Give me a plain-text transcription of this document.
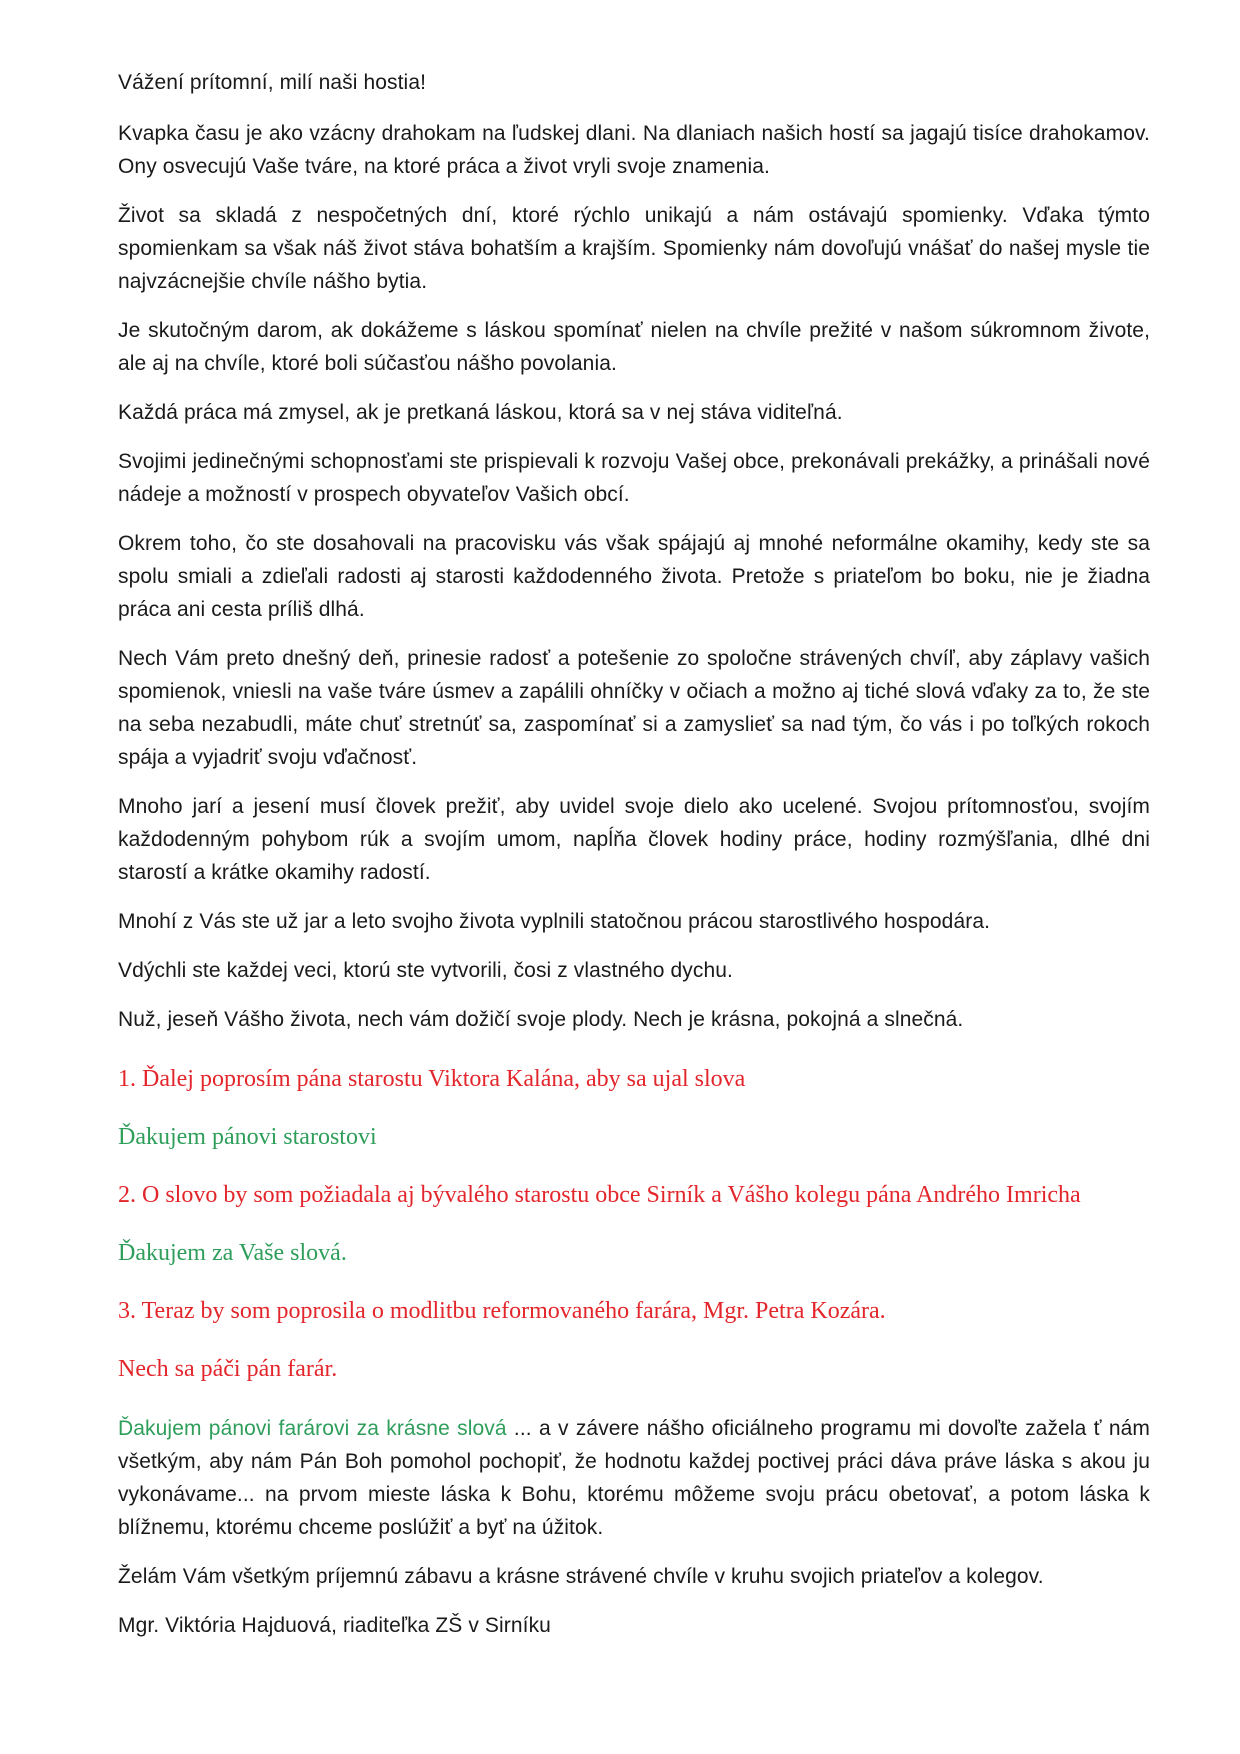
Vážení prítomní, milí naši hostia!

Kvapka času je ako vzácny drahokam na ľudskej dlani. Na dlaniach našich hostí sa jagajú tisíce drahokamov. Ony osvecujú Vaše tváre, na ktoré práca a život vryli svoje znamenia.

Život sa skladá z nespočetných dní, ktoré rýchlo unikajú a nám ostávajú spomienky. Vďaka týmto spomienkam sa však náš život stáva bohatším a krajším. Spomienky nám dovoľujú vnášať do našej mysle tie najvzácnejšie chvíle nášho bytia.

Je skutočným darom, ak dokážeme s láskou spomínať nielen na chvíle prežité v našom súkromnom živote, ale aj na chvíle, ktoré boli súčasťou nášho povolania.

Každá práca má zmysel, ak je pretkaná láskou, ktorá sa v nej stáva viditeľná.

Svojimi jedinečnými schopnosťami ste prispievali k rozvoju Vašej obce, prekonávali prekážky, a prinášali nové nádeje a možností v prospech obyvateľov Vašich obcí.

Okrem toho, čo ste dosahovali na pracovisku vás však spájajú aj mnohé neformálne okamihy, kedy ste sa spolu smiali a zdieľali radosti aj starosti každodenného života. Pretože s priateľom bo boku, nie je žiadna práca ani cesta príliš dlhá.

Nech Vám preto dnešný deň, prinesie radosť a potešenie zo spoločne strávených chvíľ, aby záplavy vašich spomienok, vniesli na vaše tváre úsmev a zapálili ohníčky v očiach a možno aj tiché slová vďaky za to, že ste na seba nezabudli, máte chuť stretnúť sa, zaspomínať si a zamyslieť sa nad tým, čo vás i po toľkých rokoch spája a vyjadriť svoju vďačnosť.

Mnoho jarí a jesení musí človek prežiť, aby uvidel svoje dielo ako ucelené. Svojou prítomnosťou, svojím každodenným pohybom rúk a svojím umom, napĺňa človek hodiny práce, hodiny rozmýšľania, dlhé dni starostí a krátke okamihy radostí.

Mnohí z Vás ste už jar a leto svojho života vyplnili statočnou prácou starostlivého hospodára.

Vdýchli ste každej veci, ktorú ste vytvorili, čosi z vlastného dychu.

Nuž, jeseň Vášho života, nech vám dožičí svoje plody. Nech je krásna, pokojná a slnečná.

1. Ďalej poprosím pána starostu Viktora Kalána, aby sa ujal slova

Ďakujem pánovi starostovi

2. O slovo by som požiadala aj bývalého starostu obce Sirník a Vášho kolegu pána Andrého Imricha

Ďakujem za Vaše slová.

3. Teraz by som poprosila o modlitbu reformovaného farára, Mgr. Petra Kozára.

Nech sa páči pán farár.

Ďakujem pánovi farárovi za krásne slová ... a v závere nášho oficiálneho programu mi dovoľte zažela ť nám všetkým, aby nám Pán Boh pomohol pochopiť, že hodnotu každej poctivej práci dáva práve láska s akou ju vykonávame... na prvom mieste láska k Bohu, ktorému môžeme svoju prácu obetovať, a potom láska k blížnemu, ktorému chceme poslúžiť a byť na úžitok.

Želám Vám všetkým príjemnú zábavu a krásne strávené chvíle v kruhu svojich priateľov a kolegov.

Mgr. Viktória Hajduová, riaditeľka ZŠ v Sirníku
